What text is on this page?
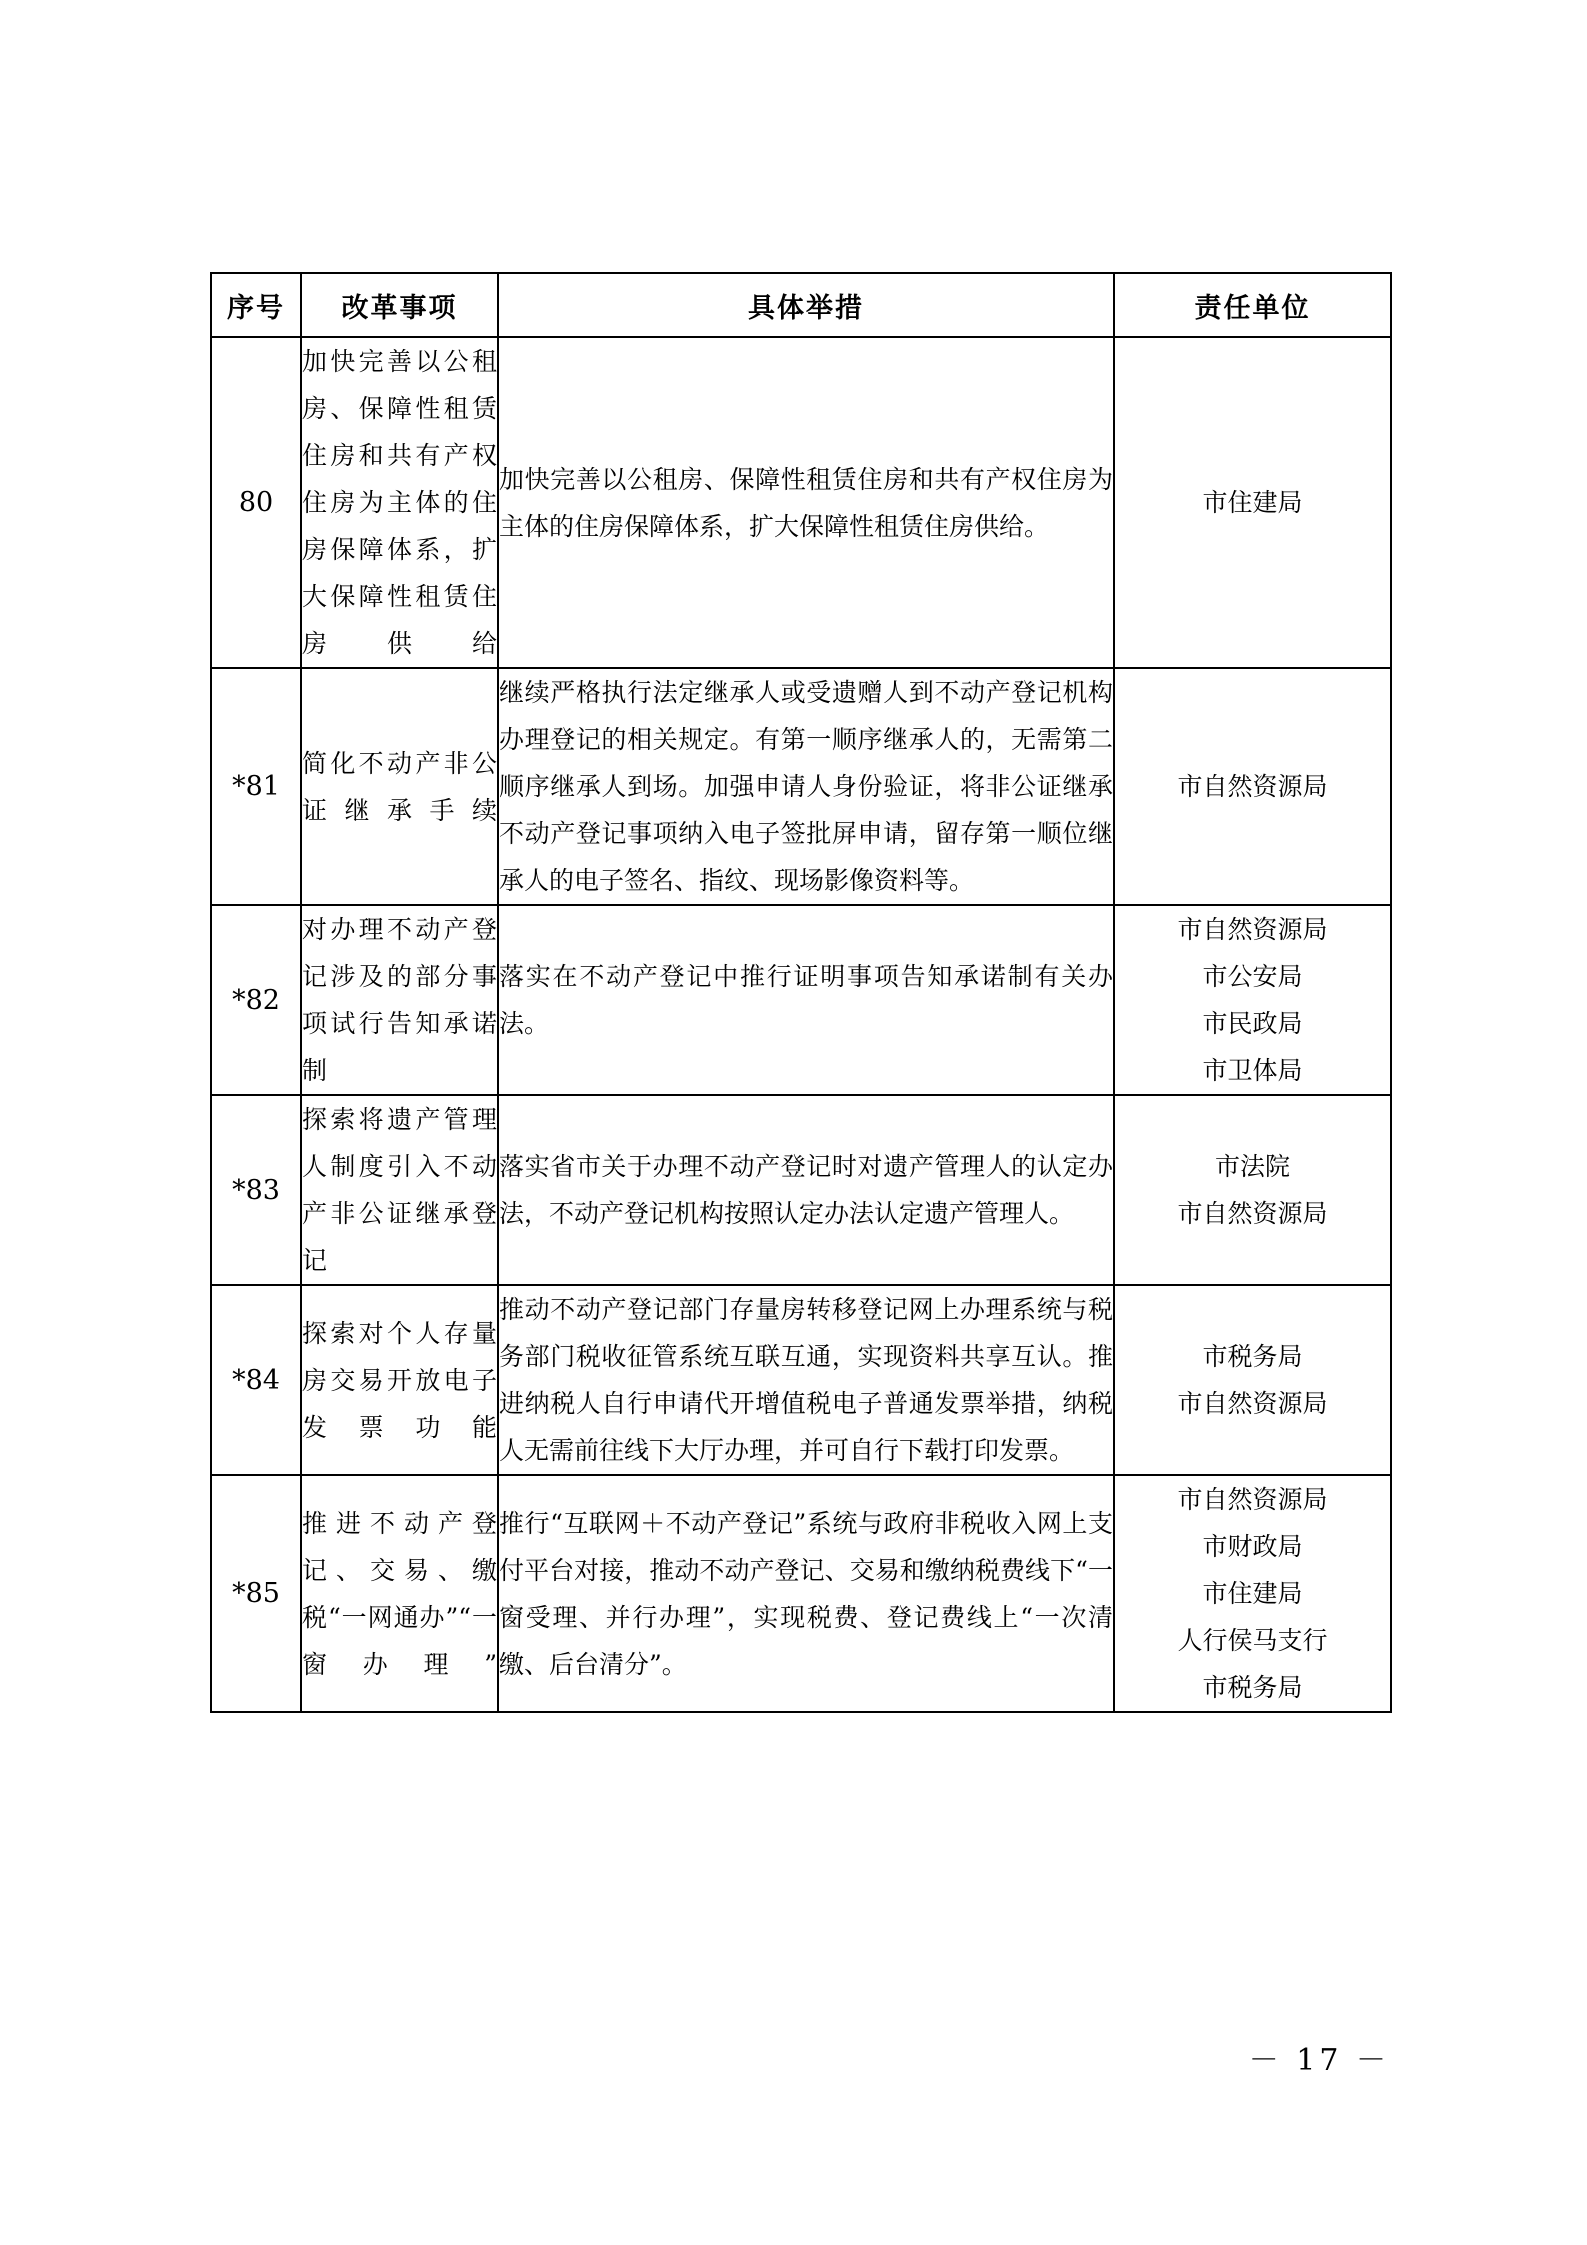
序号	改革事项	具体举措	责任单位
80	加快完善以公租房、保障性租赁住房和共有产权住房为主体的住房保障体系，扩大保障性租赁住房供给	加快完善以公租房、保障性租赁住房和共有产权住房为主体的住房保障体系，扩大保障性租赁住房供给。	市住建局

*81	简化不动产非公证继承手续	继续严格执行法定继承人或受遗赠人到不动产登记机构办理登记的相关规定。有第一顺序继承人的，无需第二顺序继承人到场。加强申请人身份验证，将非公证继承不动产登记事项纳入电子签批屏申请，留存第一顺位继承人的电子签名、指纹、现场影像资料等。	市自然资源局

*82	对办理不动产登记涉及的部分事项试行告知承诺制	落实在不动产登记中推行证明事项告知承诺制有关办法。	市自然资源局
市公安局
市民政局
市卫体局

*83	探索将遗产管理人制度引入不动产非公证继承登记	落实省市关于办理不动产登记时对遗产管理人的认定办法，不动产登记机构按照认定办法认定遗产管理人。	市法院
市自然资源局

*84	探索对个人存量房交易开放电子发票功能	推动不动产登记部门存量房转移登记网上办理系统与税务部门税收征管系统互联互通，实现资料共享互认。推进纳税人自行申请代开增值税电子普通发票举措，纳税人无需前往线下大厅办理，并可自行下载打印发票。	市税务局
市自然资源局

*85	推进不动产登记、交易、缴税“一网通办”“一窗办理”	推行“互联网＋不动产登记”系统与政府非税收入网上支付平台对接，推动不动产登记、交易和缴纳税费线下“一窗受理、并行办理”，实现税费、登记费线上“一次清缴、后台清分”。	市自然资源局
市财政局
市住建局
人行侯马支行
市税务局
－ 17 －
